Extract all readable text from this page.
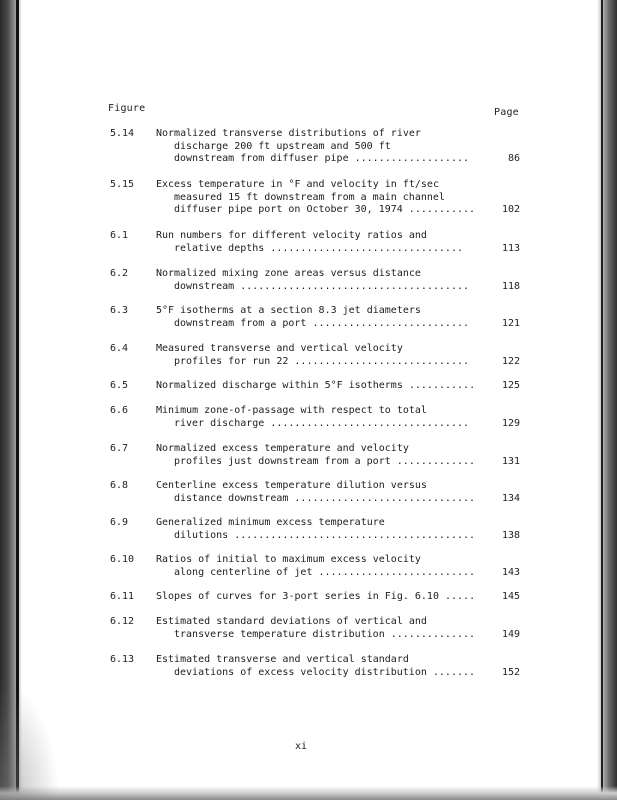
Figure	Page
5.14	Normalized transverse distributions of river
discharge 200 ft upstream and 500 ft
downstream from diffuser pipe ...................	86
5.15	Excess temperature in °F and velocity in ft/sec
measured 15 ft downstream from a main channel
diffuser pipe port on October 30, 1974 ...........	102
6.1	Run numbers for different velocity ratios and
relative depths ................................	113
6.2	Normalized mixing zone areas versus distance
downstream ......................................	118
6.3	5°F isotherms at a section 8.3 jet diameters
downstream from a port ..........................	121
6.4	Measured transverse and vertical velocity
profiles for run 22 .............................	122
6.5	Normalized discharge within 5°F isotherms ...........	125
6.6	Minimum zone-of-passage with respect to total
river discharge .................................	129
6.7	Normalized excess temperature and velocity
profiles just downstream from a port .............	131
6.8	Centerline excess temperature dilution versus
distance downstream ..............................	134
6.9	Generalized minimum excess temperature
dilutions ........................................	138
6.10	Ratios of initial to maximum excess velocity
along centerline of jet ..........................	143
6.11	Slopes of curves for 3-port series in Fig. 6.10 .....	145
6.12	Estimated standard deviations of vertical and
transverse temperature distribution ..............	149
6.13	Estimated transverse and vertical standard
deviations of excess velocity distribution .......	152
xi
